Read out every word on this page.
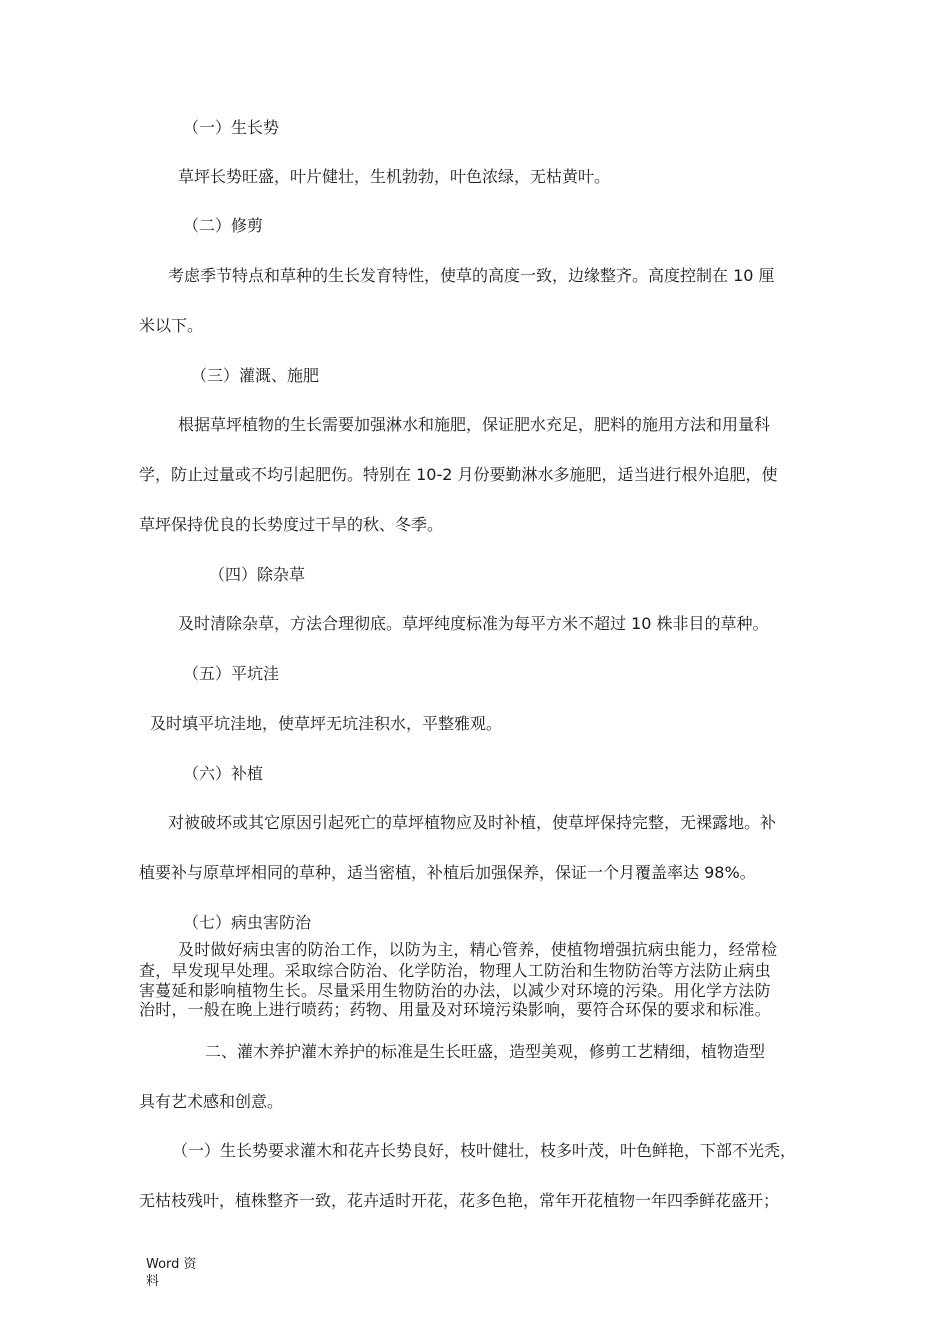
（一）生长势

草坪长势旺盛，叶片健壮，生机勃勃，叶色浓绿，无枯黄叶。

（二）修剪

考虑季节特点和草种的生长发育特性，使草的高度一致，边缘整齐。高度控制在 10 厘

米以下。

（三）灌溉、施肥

根据草坪植物的生长需要加强淋水和施肥，保证肥水充足，肥料的施用方法和用量科

学，防止过量或不均引起肥伤。特别在 10-2 月份要勤淋水多施肥，适当进行根外追肥，使

草坪保持优良的长势度过干旱的秋、冬季。

（四）除杂草

及时清除杂草，方法合理彻底。草坪纯度标准为每平方米不超过 10 株非目的草种。

（五）平坑洼

及时填平坑洼地，使草坪无坑洼积水，平整雅观。

（六）补植

对被破坏或其它原因引起死亡的草坪植物应及时补植，使草坪保持完整，无裸露地。补

植要补与原草坪相同的草种，适当密植，补植后加强保养，保证一个月覆盖率达 98%。

（七）病虫害防治

及时做好病虫害的防治工作，以防为主，精心管养，使植物增强抗病虫能力，经常检

查，早发现早处理。采取综合防治、化学防治，物理人工防治和生物防治等方法防止病虫

害蔓延和影响植物生长。尽量采用生物防治的办法，以减少对环境的污染。用化学方法防

治时，一般在晚上进行喷药；药物、用量及对环境污染影响，要符合环保的要求和标准。

二、灌木养护灌木养护的标准是生长旺盛，造型美观，修剪工艺精细，植物造型

具有艺术感和创意。

（一）生长势要求灌木和花卉长势良好，枝叶健壮，枝多叶茂，叶色鲜艳，下部不光秃，

无枯枝残叶，植株整齐一致，花卉适时开花，花多色艳，常年开花植物一年四季鲜花盛开；

Word 资料
